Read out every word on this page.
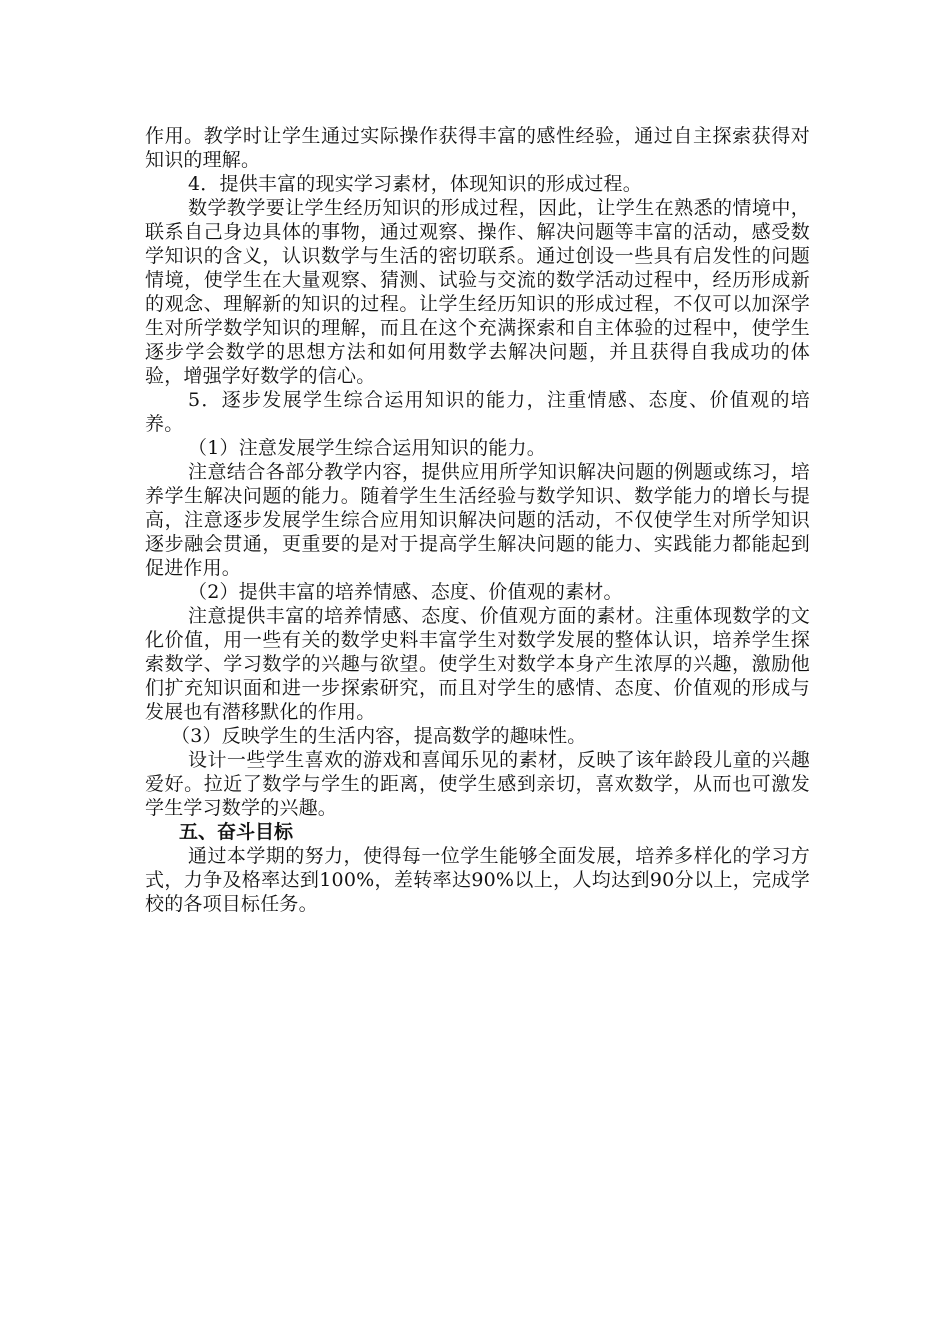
作用。教学时让学生通过实际操作获得丰富的感性经验，通过自主探索获得对知识的理解。

4．提供丰富的现实学习素材，体现知识的形成过程。

数学教学要让学生经历知识的形成过程，因此，让学生在熟悉的情境中，联系自己身边具体的事物，通过观察、操作、解决问题等丰富的活动，感受数学知识的含义，认识数学与生活的密切联系。通过创设一些具有启发性的问题情境，使学生在大量观察、猜测、试验与交流的数学活动过程中，经历形成新的观念、理解新的知识的过程。让学生经历知识的形成过程，不仅可以加深学生对所学数学知识的理解，而且在这个充满探索和自主体验的过程中，使学生逐步学会数学的思想方法和如何用数学去解决问题，并且获得自我成功的体验，增强学好数学的信心。

5．逐步发展学生综合运用知识的能力，注重情感、态度、价值观的培养。

（1）注意发展学生综合运用知识的能力。

注意结合各部分教学内容，提供应用所学知识解决问题的例题或练习，培养学生解决问题的能力。随着学生生活经验与数学知识、数学能力的增长与提高，注意逐步发展学生综合应用知识解决问题的活动，不仅使学生对所学知识逐步融会贯通，更重要的是对于提高学生解决问题的能力、实践能力都能起到促进作用。

（2）提供丰富的培养情感、态度、价值观的素材。

注意提供丰富的培养情感、态度、价值观方面的素材。注重体现数学的文化价值，用一些有关的数学史料丰富学生对数学发展的整体认识，培养学生探索数学、学习数学的兴趣与欲望。使学生对数学本身产生浓厚的兴趣，激励他们扩充知识面和进一步探索研究，而且对学生的感情、态度、价值观的形成与发展也有潜移默化的作用。

（3）反映学生的生活内容，提高数学的趣味性。

设计一些学生喜欢的游戏和喜闻乐见的素材，反映了该年龄段儿童的兴趣爱好。拉近了数学与学生的距离，使学生感到亲切，喜欢数学，从而也可激发学生学习数学的兴趣。

五、奋斗目标

通过本学期的努力，使得每一位学生能够全面发展，培养多样化的学习方式，力争及格率达到100%，差转率达90%以上，人均达到90分以上，完成学校的各项目标任务。
